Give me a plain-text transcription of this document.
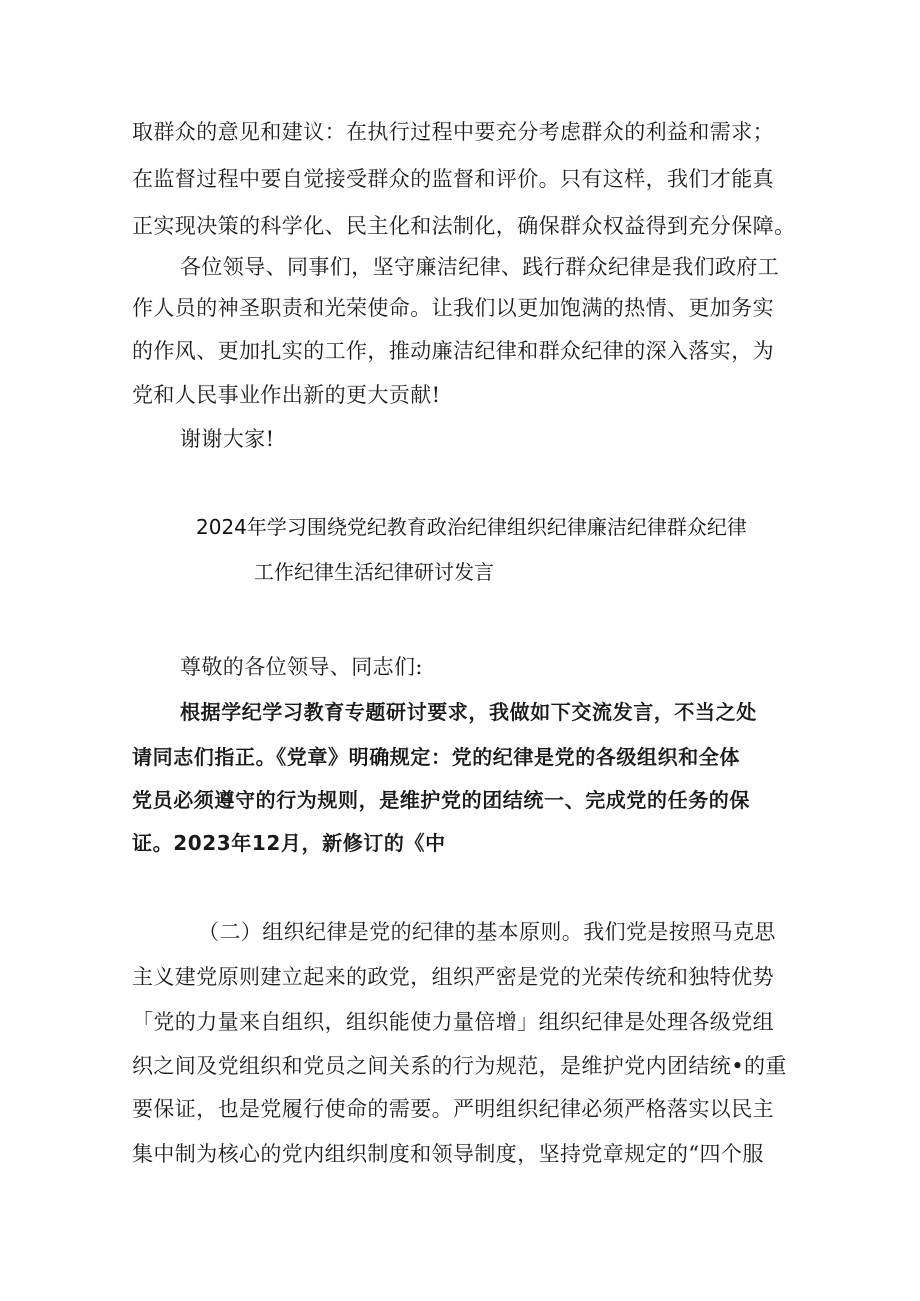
取群众的意见和建议：在执行过程中要充分考虑群众的利益和需求；
在监督过程中要自觉接受群众的监督和评价。只有这样，我们才能真
正实现决策的科学化、民主化和法制化，确保群众权益得到充分保障。
各位领导、同事们，坚守廉洁纪律、践行群众纪律是我们政府工
作人员的神圣职责和光荣使命。让我们以更加饱满的热情、更加务实
的作风、更加扎实的工作，推动廉洁纪律和群众纪律的深入落实，为
党和人民事业作出新的更大贡献!
谢谢大家!
2024年学习围绕党纪教育政治纪律组织纪律廉洁纪律群众纪律
工作纪律生活纪律研讨发言
尊敬的各位领导、同志们:
根据学纪学习教育专题研讨要求，我做如下交流发言，不当之处
请同志们指正。《党章》明确规定：党的纪律是党的各级组织和全体
党员必须遵守的行为规则，是维护党的团结统一、完成党的任务的保
证。2023年12月，新修订的《中
（二）组织纪律是党的纪律的基本原则。我们党是按照马克思
主义建党原则建立起来的政党，组织严密是党的光荣传统和独特优势
「党的力量来自组织，组织能使力量倍增」组织纪律是处理各级党组
织之间及党组织和党员之间关系的行为规范，是维护党内团结统•的重
要保证，也是党履行使命的需要。严明组织纪律必须严格落实以民主
集中制为核心的党内组织制度和领导制度，坚持党章规定的“四个服
